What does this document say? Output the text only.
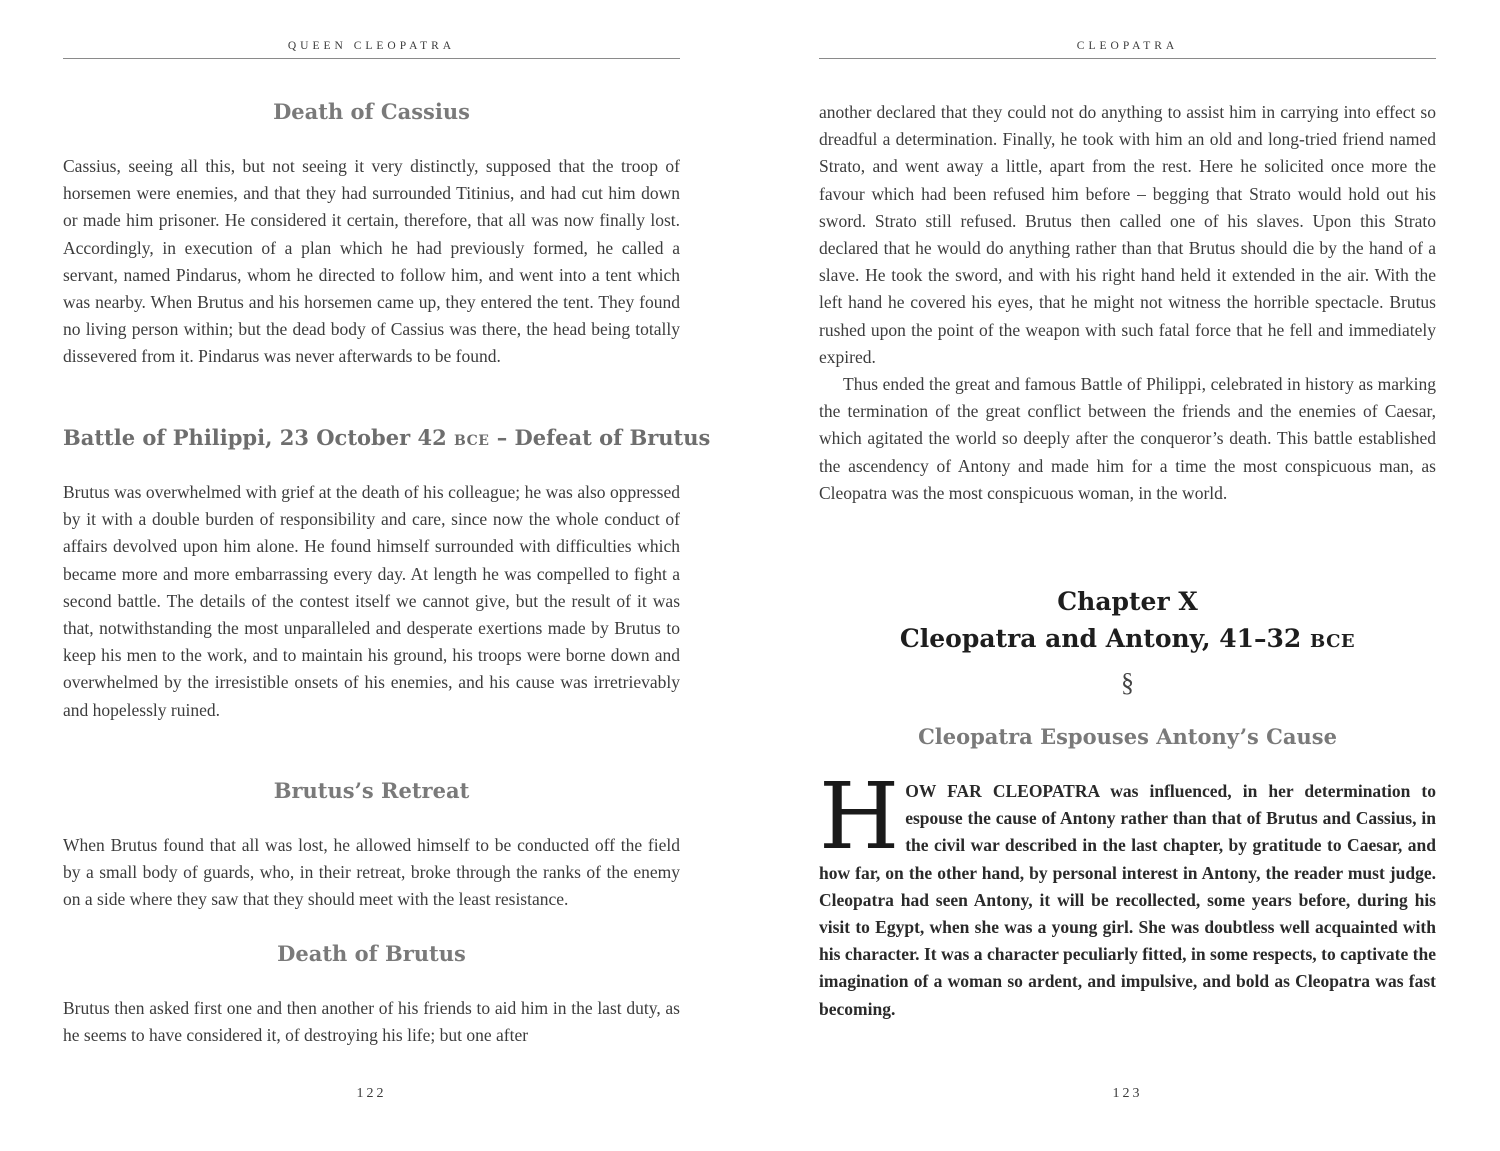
QUEEN CLEOPATRA
Death of Cassius

Cassius, seeing all this, but not seeing it very distinctly, supposed that the troop of horsemen were enemies, and that they had surrounded Titinius, and had cut him down or made him prisoner. He considered it certain, therefore, that all was now finally lost. Accordingly, in execution of a plan which he had previously formed, he called a servant, named Pindarus, whom he directed to follow him, and went into a tent which was nearby. When Brutus and his horsemen came up, they entered the tent. They found no living person within; but the dead body of Cassius was there, the head being totally dissevered from it. Pindarus was never afterwards to be found.

Battle of Philippi, 23 October 42 BCE – Defeat of Brutus

Brutus was overwhelmed with grief at the death of his colleague; he was also oppressed by it with a double burden of responsibility and care, since now the whole conduct of affairs devolved upon him alone. He found himself surrounded with difficulties which became more and more embarrassing every day. At length he was compelled to fight a second battle. The details of the contest itself we cannot give, but the result of it was that, notwithstanding the most unparalleled and desperate exertions made by Brutus to keep his men to the work, and to maintain his ground, his troops were borne down and overwhelmed by the irresistible onsets of his enemies, and his cause was irretrievably and hopelessly ruined.

Brutus’s Retreat

When Brutus found that all was lost, he allowed himself to be conducted off the field by a small body of guards, who, in their retreat, broke through the ranks of the enemy on a side where they saw that they should meet with the least resistance.

Death of Brutus

Brutus then asked first one and then another of his friends to aid him in the last duty, as he seems to have considered it, of destroying his life; but one after

122
CLEOPATRA

another declared that they could not do anything to assist him in carrying into effect so dreadful a determination. Finally, he took with him an old and long-tried friend named Strato, and went away a little, apart from the rest. Here he solicited once more the favour which had been refused him before – begging that Strato would hold out his sword. Strato still refused. Brutus then called one of his slaves. Upon this Strato declared that he would do anything rather than that Brutus should die by the hand of a slave. He took the sword, and with his right hand held it extended in the air. With the left hand he covered his eyes, that he might not witness the horrible spectacle. Brutus rushed upon the point of the weapon with such fatal force that he fell and immediately expired.

Thus ended the great and famous Battle of Philippi, celebrated in history as marking the termination of the great conflict between the friends and the enemies of Caesar, which agitated the world so deeply after the conqueror’s death. This battle established the ascendency of Antony and made him for a time the most conspicuous man, as Cleopatra was the most conspicuous woman, in the world.

Chapter X
Cleopatra and Antony, 41–32 BCE
§
Cleopatra Espouses Antony’s Cause

HOW FAR CLEOPATRA was influenced, in her determination to espouse the cause of Antony rather than that of Brutus and Cassius, in the civil war described in the last chapter, by gratitude to Caesar, and how far, on the other hand, by personal interest in Antony, the reader must judge. Cleopatra had seen Antony, it will be recollected, some years before, during his visit to Egypt, when she was a young girl. She was doubtless well acquainted with his character. It was a character peculiarly fitted, in some respects, to captivate the imagination of a woman so ardent, and impulsive, and bold as Cleopatra was fast becoming.

123
